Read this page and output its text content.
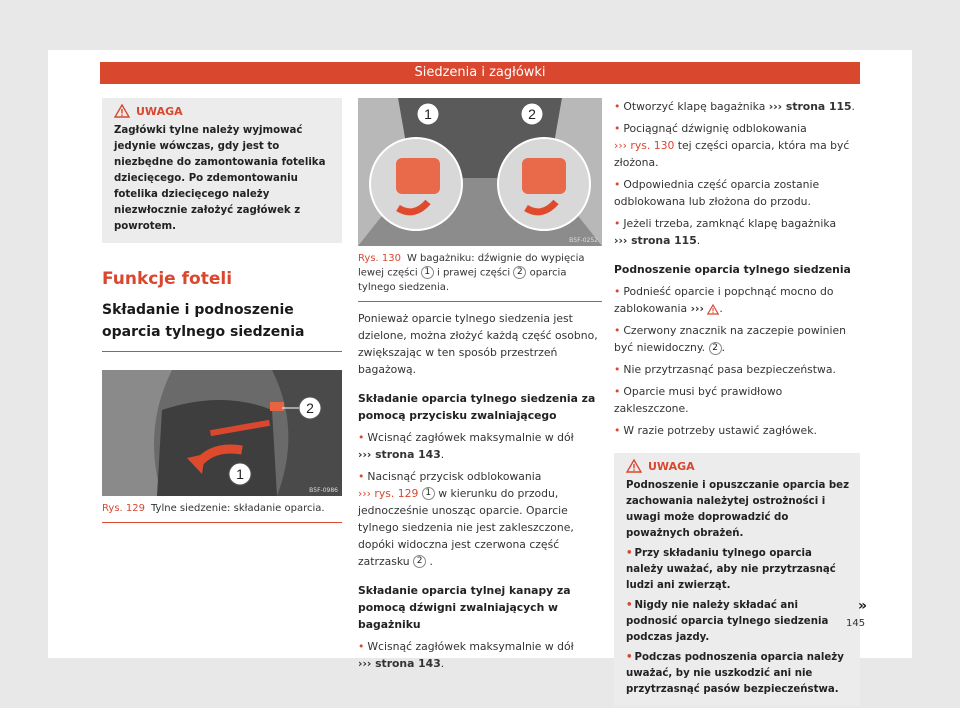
Siedzenia i zagłówki
UWAGA
Zagłówki tylne należy wyjmować jedynie wówczas, gdy jest to niezbędne do zamontowania fotelika dziecięcego. Po zdemontowaniu fotelika dziecięcego należy niezwłocznie założyć zagłówek z powrotem.
Funkcje foteli
Składanie i podnoszenie oparcia tylnego siedzenia
2
1
B5F-0986
Rys. 129 Tylne siedzenie: składanie oparcia.
1	2
B5F-0252
Rys. 130 W bagażniku: dźwignie do wypięcia lewej części 1 i prawej części 2 oparcia tylnego siedzenia.
Ponieważ oparcie tylnego siedzenia jest dzielone, można złożyć każdą część osobno, zwiększając w ten sposób przestrzeń bagażową.
Składanie oparcia tylnego siedzenia za pomocą przycisku zwalniającego
• Wcisnąć zagłówek maksymalnie w dół
››› strona 143.
• Nacisnąć przycisk odblokowania
››› rys. 129 1 w kierunku do przodu, jednocześnie unosząc oparcie. Oparcie tylnego siedzenia nie jest zakleszczone, dopóki widoczna jest czerwona część zatrzasku 2 .
Składanie oparcia tylnej kanapy za pomocą dźwigni zwalniających w bagażniku
• Wcisnąć zagłówek maksymalnie w dół
››› strona 143.
• Otworzyć klapę bagażnika ››› strona 115.
• Pociągnąć dźwignię odblokowania
››› rys. 130 tej części oparcia, która ma być złożona.
• Odpowiednia część oparcia zostanie odblokowana lub złożona do przodu.
• Jeżeli trzeba, zamknąć klapę bagażnika
››› strona 115.
Podnoszenie oparcia tylnego siedzenia
• Podnieść oparcie i popchnąć mocno do zablokowania ››› .
• Czerwony znacznik na zaczepie powinien być niewidoczny. 2 .
• Nie przytrzasnąć pasa bezpieczeństwa.
• Oparcie musi być prawidłowo zakleszczone.
• W razie potrzeby ustawić zagłówek.
UWAGA
Podnoszenie i opuszczanie oparcia bez zachowania należytej ostrożności i uwagi może doprowadzić do poważnych obrażeń.
• Przy składaniu tylnego oparcia należy uważać, aby nie przytrzasnąć ludzi ani zwierząt.
• Nigdy nie należy składać ani podnosić oparcia tylnego siedzenia podczas jazdy.
• Podczas podnoszenia oparcia należy uważać, by nie uszkodzić ani nie przytrzasnąć pasów bezpieczeństwa.
»
145
